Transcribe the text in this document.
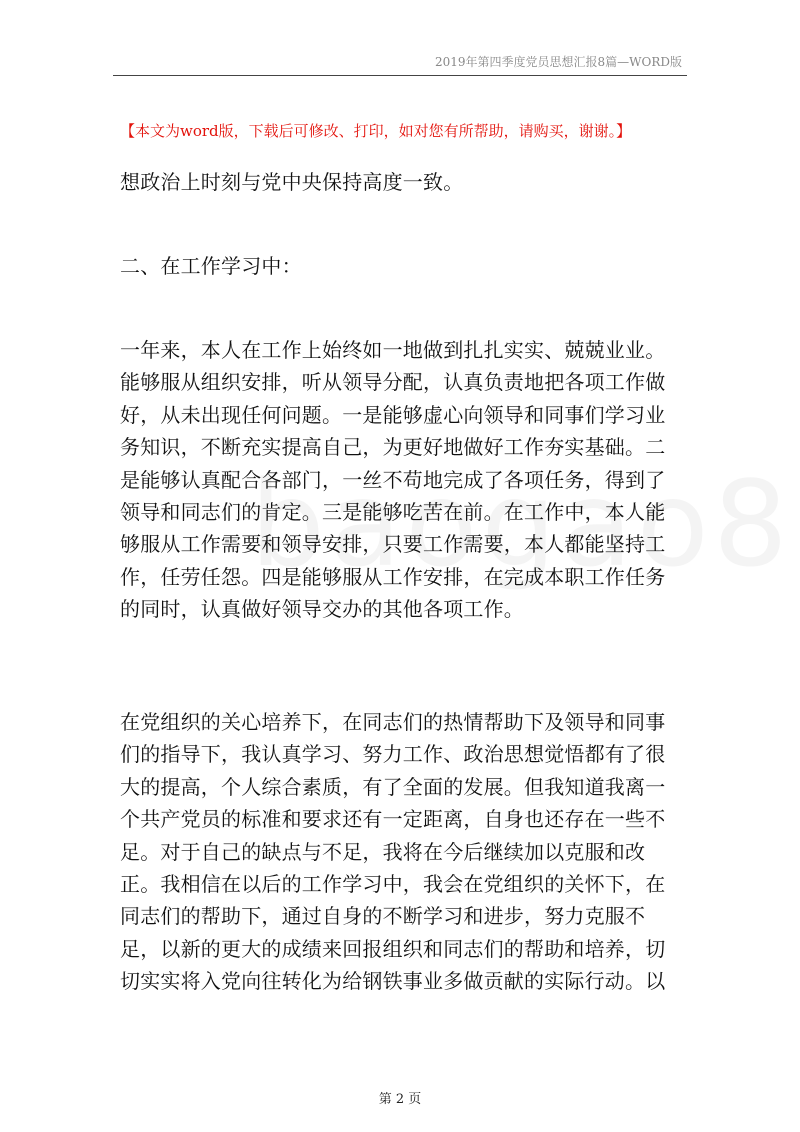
2019年第四季度党员思想汇报8篇—WORD版
【本文为word版，下载后可修改、打印，如对您有所帮助，请购买，谢谢。】

想政治上时刻与党中央保持高度一致。

二、在工作学习中：

一年来，本人在工作上始终如一地做到扎扎实实、兢兢业业。能够服从组织安排，听从领导分配，认真负责地把各项工作做好，从未出现任何问题。一是能够虚心向领导和同事们学习业务知识，不断充实提高自己，为更好地做好工作夯实基础。二是能够认真配合各部门，一丝不苟地完成了各项任务，得到了领导和同志们的肯定。三是能够吃苦在前。在工作中，本人能够服从工作需要和领导安排，只要工作需要，本人都能坚持工作，任劳任怨。四是能够服从工作安排，在完成本职工作任务的同时，认真做好领导交办的其他各项工作。

在党组织的关心培养下，在同志们的热情帮助下及领导和同事们的指导下，我认真学习、努力工作、政治思想觉悟都有了很大的提高，个人综合素质，有了全面的发展。但我知道我离一个共产党员的标准和要求还有一定距离，自身也还存在一些不足。对于自己的缺点与不足，我将在今后继续加以克服和改正。我相信在以后的工作学习中，我会在党组织的关怀下，在同志们的帮助下，通过自身的不断学习和进步，努力克服不足，以新的更大的成绩来回报组织和同志们的帮助和培养，切切实实将入党向往转化为给钢铁事业多做贡献的实际行动。以

第 2 页
